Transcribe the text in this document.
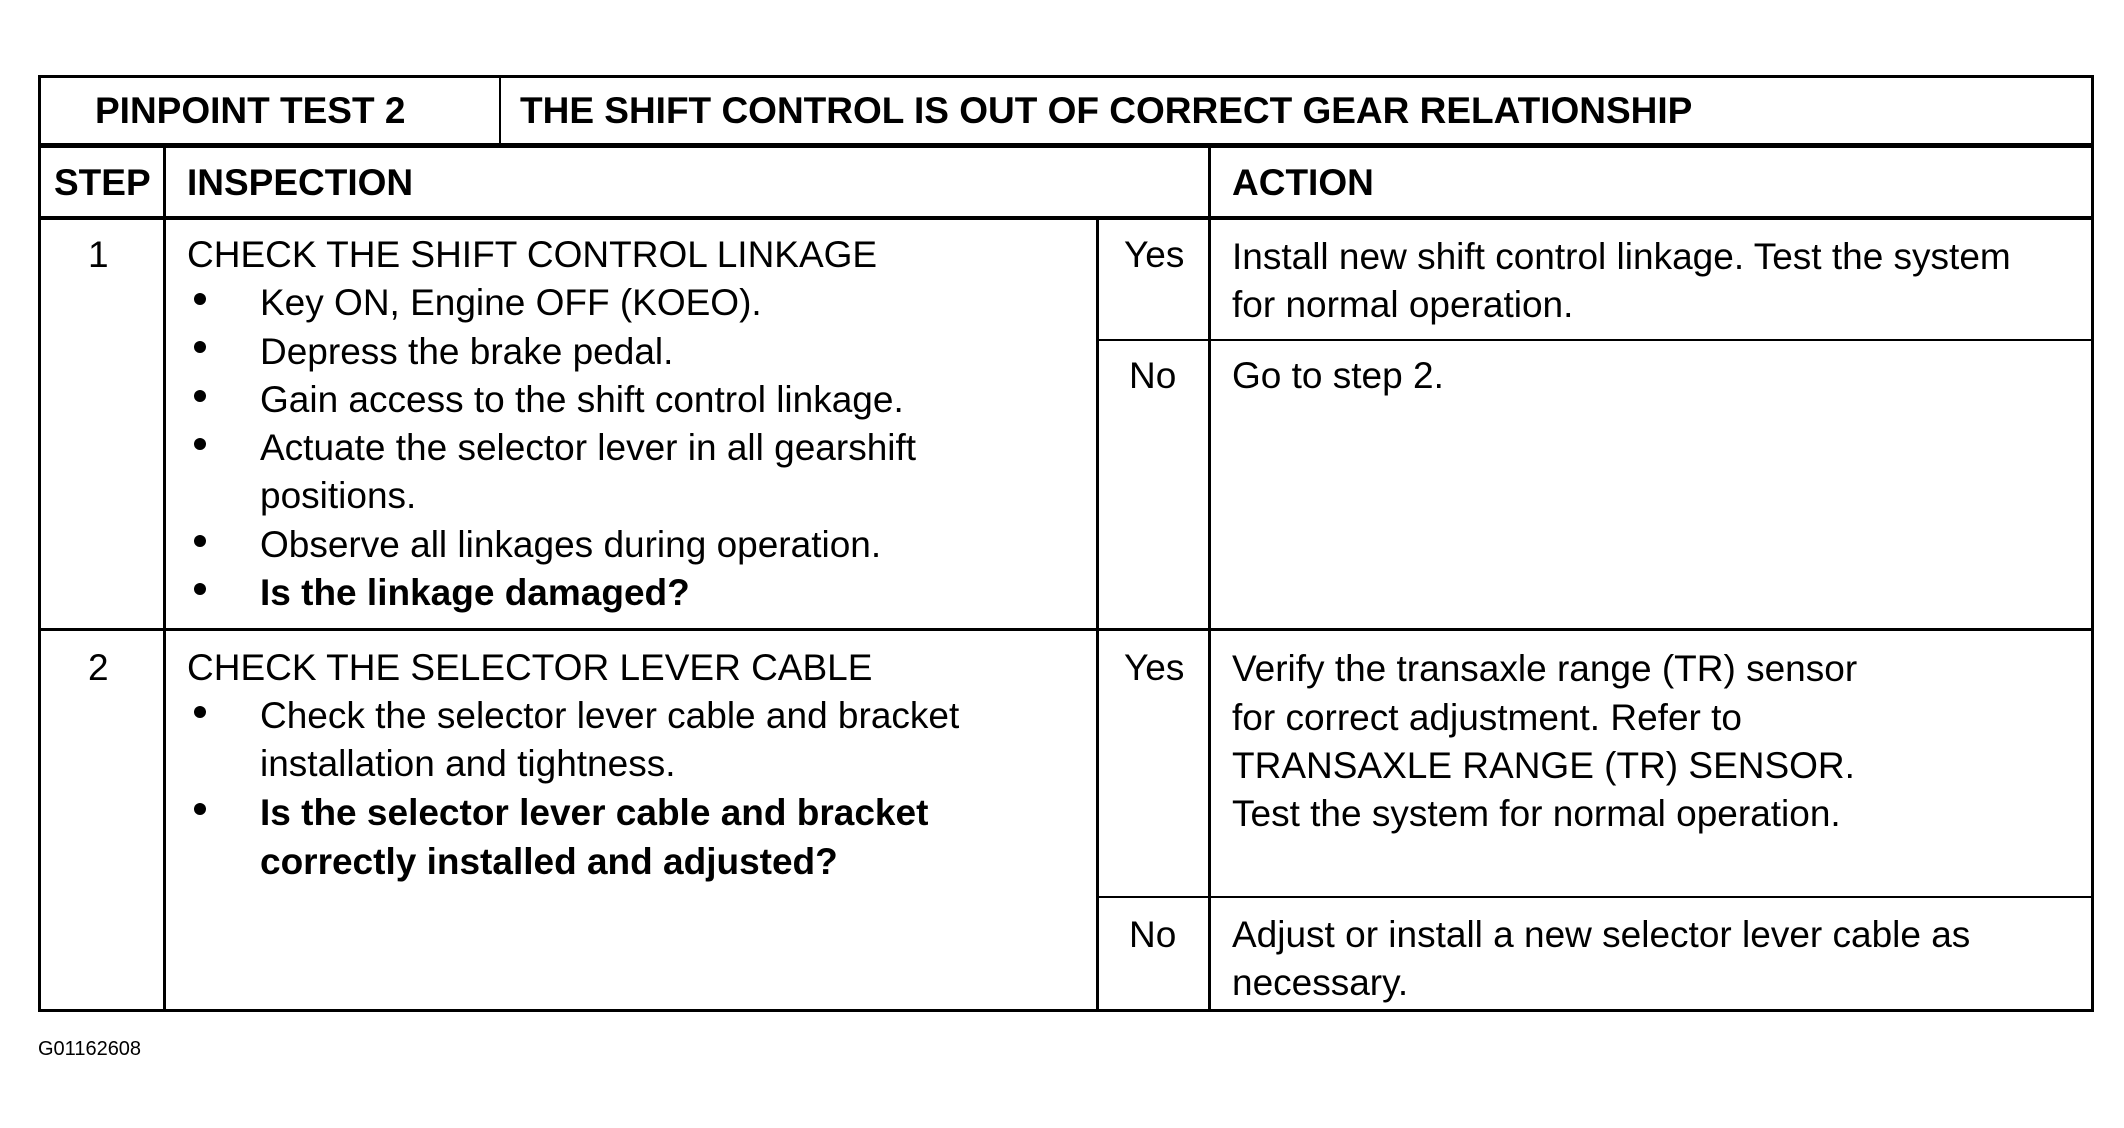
PINPOINT TEST 2	THE SHIFT CONTROL IS OUT OF CORRECT GEAR RELATIONSHIP
STEP INSPECTION	ACTION
1 CHECK THE SHIFT CONTROL LINKAGE
Key ON, Engine OFF (KOEO).
Depress the brake pedal.
Gain access to the shift control linkage.
Actuate the selector lever in all gearshift
positions.
Observe all linkages during operation.
Is the linkage damaged?
Yes Install new shift control linkage. Test the system
for normal operation.
No Go to step 2.
2 CHECK THE SELECTOR LEVER CABLE
Check the selector lever cable and bracket
installation and tightness.
Is the selector lever cable and bracket
correctly installed and adjusted?
Yes Verify the transaxle range (TR) sensor
for correct adjustment. Refer to
TRANSAXLE RANGE (TR) SENSOR.
Test the system for normal operation.
No Adjust or install a new selector lever cable as
necessary.
G01162608
